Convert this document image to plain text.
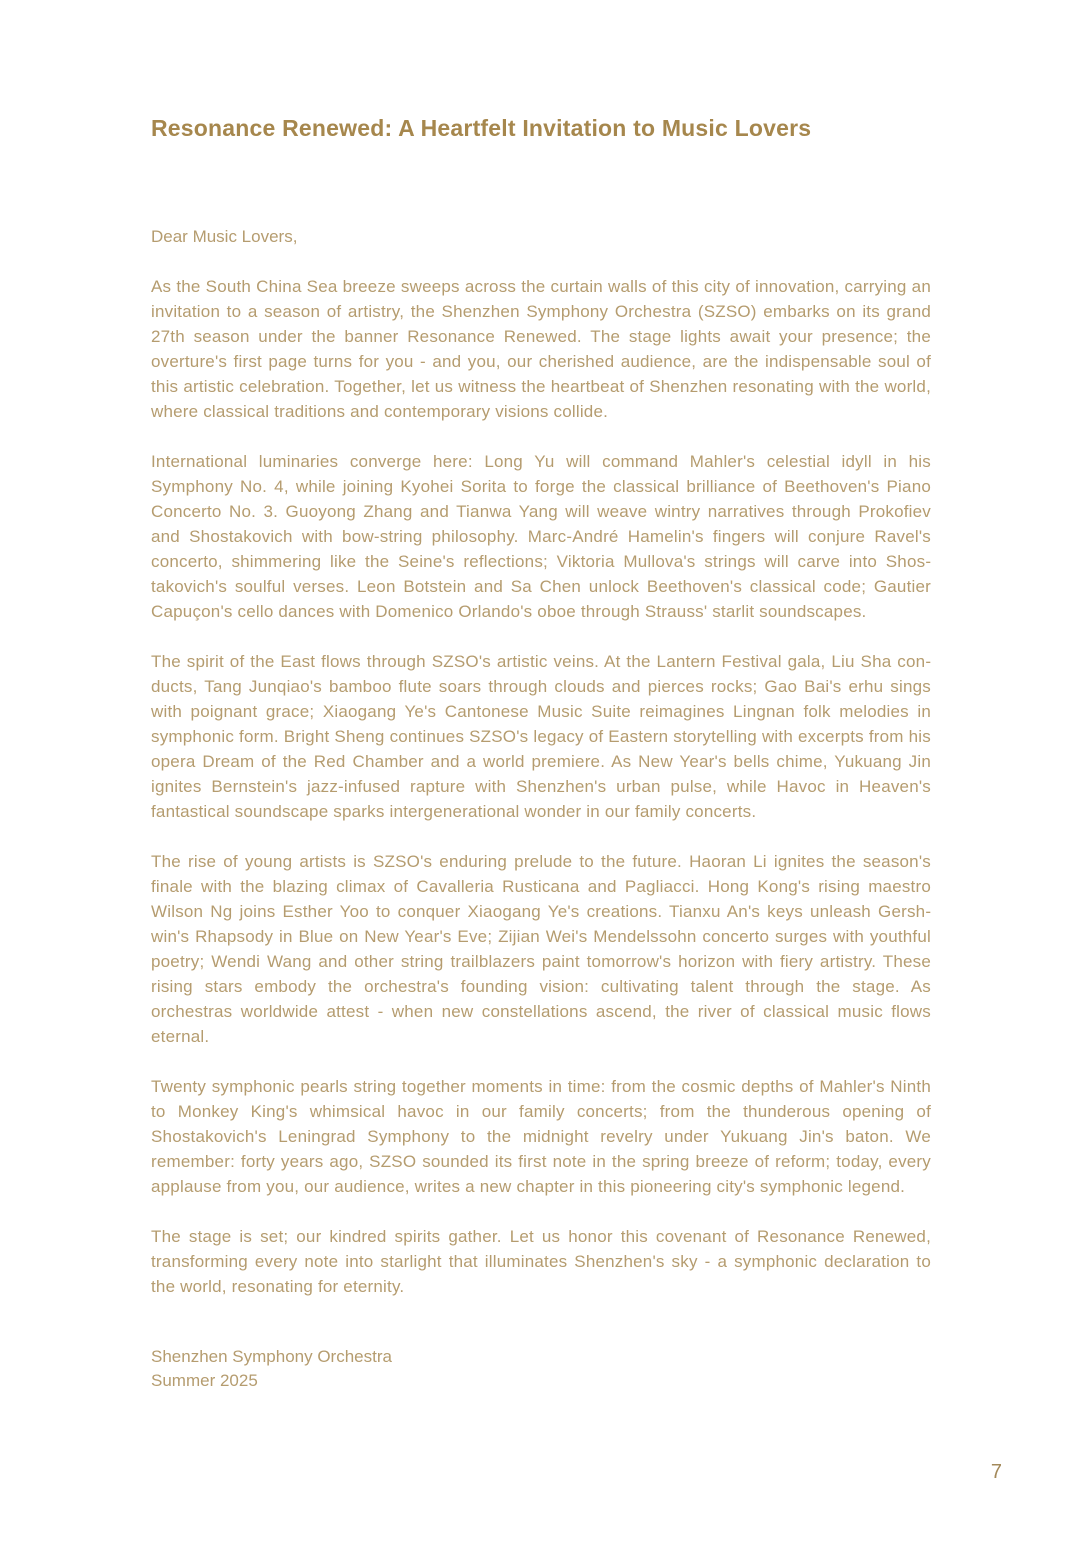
Resonance Renewed: A Heartfelt Invitation to Music Lovers

Dear Music Lovers,

As the South China Sea breeze sweeps across the curtain walls of this city of innovation, carrying an invitation to a season of artistry, the Shenzhen Symphony Orchestra (SZSO) embarks on its grand 27th season under the banner Resonance Renewed. The stage lights await your presence; the overture's first page turns for you - and you, our cherished audience, are the indispensable soul of this artistic celebration. Together, let us witness the heartbeat of Shenzhen resonating with the world, where classical traditions and contemporary visions collide.

International luminaries converge here: Long Yu will command Mahler's celestial idyll in his Symphony No. 4, while joining Kyohei Sorita to forge the classical brilliance of Beethoven's Piano Concerto No. 3. Guoyong Zhang and Tianwa Yang will weave wintry narratives through Prokofiev and Shostakovich with bow-string philosophy. Marc-André Hamelin's fingers will conjure Ravel's concerto, shimmering like the Seine's reflections; Viktoria Mullova's strings will carve into Shostakovich's soulful verses. Leon Botstein and Sa Chen unlock Beethoven's classical code; Gautier Capuçon's cello dances with Domenico Orlando's oboe through Strauss' starlit soundscapes.

The spirit of the East flows through SZSO's artistic veins. At the Lantern Festival gala, Liu Sha conducts, Tang Junqiao's bamboo flute soars through clouds and pierces rocks; Gao Bai's erhu sings with poignant grace; Xiaogang Ye's Cantonese Music Suite reimagines Lingnan folk melodies in symphonic form. Bright Sheng continues SZSO's legacy of Eastern storytelling with excerpts from his opera Dream of the Red Chamber and a world premiere. As New Year's bells chime, Yukuang Jin ignites Bernstein's jazz-infused rapture with Shenzhen's urban pulse, while Havoc in Heaven's fantastical soundscape sparks intergenerational wonder in our family concerts.

The rise of young artists is SZSO's enduring prelude to the future. Haoran Li ignites the season's finale with the blazing climax of Cavalleria Rusticana and Pagliacci. Hong Kong's rising maestro Wilson Ng joins Esther Yoo to conquer Xiaogang Ye's creations. Tianxu An's keys unleash Gershwin's Rhapsody in Blue on New Year's Eve; Zijian Wei's Mendelssohn concerto surges with youthful poetry; Wendi Wang and other string trailblazers paint tomorrow's horizon with fiery artistry. These rising stars embody the orchestra's founding vision: cultivating talent through the stage. As orchestras worldwide attest - when new constellations ascend, the river of classical music flows eternal.

Twenty symphonic pearls string together moments in time: from the cosmic depths of Mahler's Ninth to Monkey King's whimsical havoc in our family concerts; from the thunderous opening of Shostakovich's Leningrad Symphony to the midnight revelry under Yukuang Jin's baton. We remember: forty years ago, SZSO sounded its first note in the spring breeze of reform; today, every applause from you, our audience, writes a new chapter in this pioneering city's symphonic legend.

The stage is set; our kindred spirits gather. Let us honor this covenant of Resonance Renewed, transforming every note into starlight that illuminates Shenzhen's sky - a symphonic declaration to the world, resonating for eternity.

Shenzhen Symphony Orchestra

Summer 2025

7
